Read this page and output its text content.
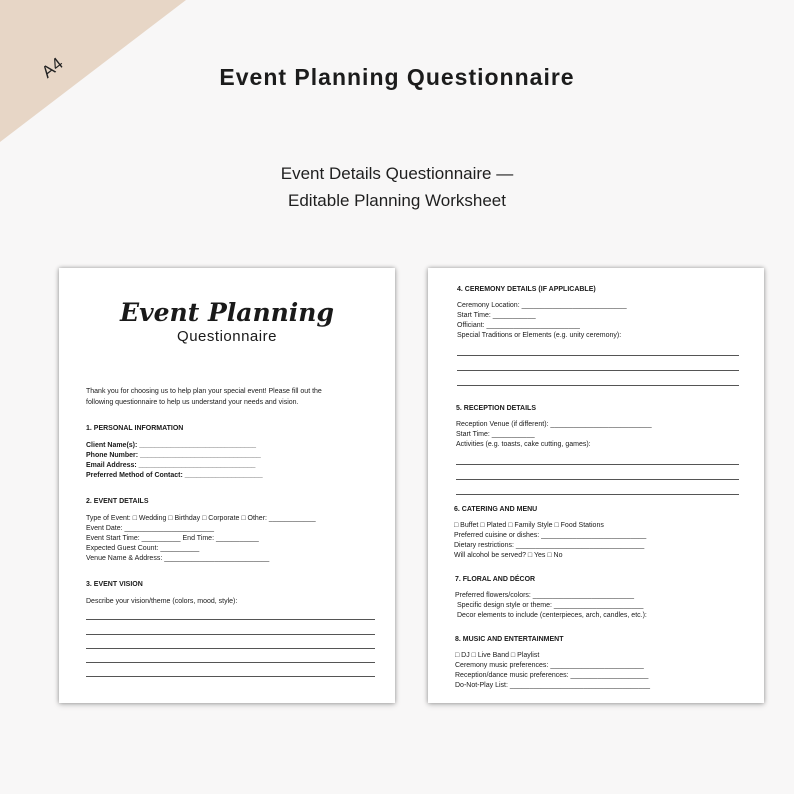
A4	Event Planning Questionnaire
Event Details Questionnaire —
Editable Planning Worksheet
Event Planning
Questionnaire
Thank you for choosing us to help plan your special event! Please fill out the
following questionnaire to help us understand your needs and vision.
1. PERSONAL INFORMATION
Client Name(s): ______________________________
Phone Number: _______________________________
Email Address: ______________________________
Preferred Method of Contact: ____________________
2. EVENT DETAILS
Type of Event: □ Wedding □ Birthday □ Corporate □ Other: ____________
Event Date: _______________________
Event Start Time: __________ End Time: ___________
Expected Guest Count: __________
Venue Name & Address: ___________________________
3. EVENT VISION
Describe your vision/theme (colors, mood, style):
4. CEREMONY DETAILS (IF APPLICABLE)
Ceremony Location: ___________________________
Start Time: ___________
Officiant: ________________________
Special Traditions or Elements (e.g. unity ceremony):
5. RECEPTION DETAILS
Reception Venue (if different): __________________________
Start Time: ___________
Activities (e.g. toasts, cake cutting, games):
6. CATERING AND MENU
□ Buffet □ Plated □ Family Style □ Food Stations
Preferred cuisine or dishes: ___________________________
Dietary restrictions: _________________________________
Will alcohol be served? □ Yes □ No
7. FLORAL AND DÉCOR
Preferred flowers/colors: __________________________
Specific design style or theme: _______________________
Decor elements to include (centerpieces, arch, candles, etc.):
8. MUSIC AND ENTERTAINMENT
□ DJ □ Live Band □ Playlist
Ceremony music preferences: ________________________
Reception/dance music preferences: ____________________
Do-Not-Play List: ____________________________________
